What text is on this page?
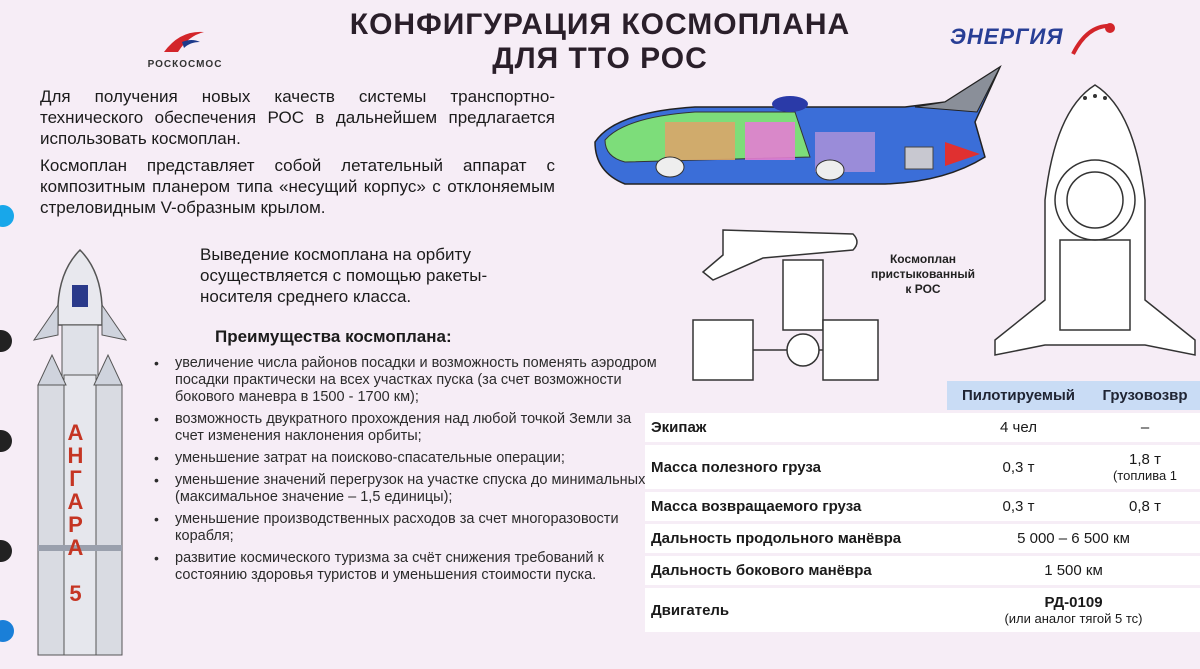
РОСКОСМОС
КОНФИГУРАЦИЯ КОСМОПЛАНА
ДЛЯ ТТО РОС
ЭНЕРГИЯ
Для получения новых качеств системы транспортно-технического обеспечения РОС в дальнейшем предлагается использовать космоплан.
Космоплан представляет собой летательный аппарат с композитным планером типа «несущий корпус» с отклоняемым стреловидным V-образным крылом.
Выведение космоплана на орбиту осуществляется с помощью ракеты-носителя среднего класса.
Преимущества космоплана:
• увеличение числа районов посадки и возможность поменять аэродром посадки практически на всех участках пуска (за счет возможности бокового маневра в 1500 - 1700 км);
• возможность двукратного прохождения над любой точкой Земли за счет изменения наклонения орбиты;
• уменьшение затрат на поисково-спасательные операции;
• уменьшение значений перегрузок на участке спуска до минимальных (максимальное значение – 1,5 единицы);
• уменьшение производственных расходов за счет многоразовости корабля;
• развитие космического туризма за счёт снижения требований к состоянию здоровья туристов и уменьшения стоимости пуска.
АНГАРА 5
Космоплан
пристыкованный
к РОС
	Пилотируемый	Грузовозвр
Экипаж	4 чел	–
Масса полезного груза	0,3 т	1,8 т
(топлива 1

Масса возвращаемого груза	0,3 т	0,8 т
Дальность продольного манёвра	5 000 – 6 500 км	
Дальность бокового манёвра	1 500 км	
Двигатель	РД-0109
(или аналог тягой 5 тс)	
